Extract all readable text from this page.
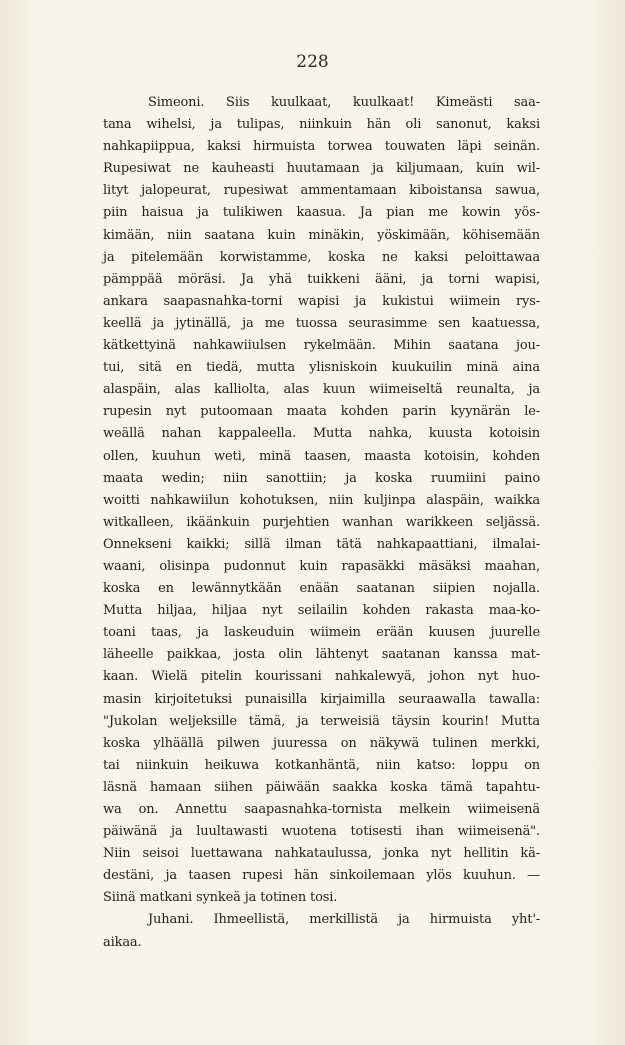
228
Simeoni. Siis kuulkaat, kuulkaat! Kimeästi saa-
tana wihelsi, ja tulipas, niinkuin hän oli sanonut, kaksi
nahkapiippua, kaksi hirmuista torwea touwaten läpi seinän.
Rupesiwat ne kauheasti huutamaan ja kiljumaan, kuin wil-
lityt jalopeurat, rupesiwat ammentamaan kiboistansa sawua,
piin haisua ja tulikiwen kaasua. Ja pian me kowin yös-
kimään, niin saatana kuin minäkin, yöskimään, köhisemään
ja pitelemään korwistamme, koska ne kaksi peloittawaa
pämppää möräsi. Ja yhä tuikkeni ääni, ja torni wapisi,
ankara saapasnahka-torni wapisi ja kukistui wiimein rys-
keellä ja jytinällä, ja me tuossa seurasimme sen kaatuessa,
kätkettyinä nahkawiiulsen rykelmään. Mihin saatana jou-
tui, sitä en tiedä, mutta ylisniskoin kuukuilin minä aina
alaspäin, alas kalliolta, alas kuun wiimeiseltä reunalta, ja
rupesin nyt putoomaan maata kohden parin kyynärän le-
weällä nahan kappaleella. Mutta nahka, kuusta kotoisin
ollen, kuuhun weti, minä taasen, maasta kotoisin, kohden
maata wedin; niin sanottiin; ja koska ruumiini paino
woitti nahkawiilun kohotuksen, niin kuljinpa alaspäin, waikka
witkalleen, ikäänkuin purjehtien wanhan warikkeen seljässä.
Onnekseni kaikki; sillä ilman tätä nahkapaattiani, ilmalai-
waani, olisinpa pudonnut kuin rapasäkki mäsäksi maahan,
koska en lewännytkään enään saatanan siipien nojalla.
Mutta hiljaa, hiljaa nyt seilailin kohden rakasta maa-ko-
toani taas, ja laskeuduin wiimein erään kuusen juurelle
läheelle paikkaa, josta olin lähtenyt saatanan kanssa mat-
kaan. Wielä pitelin kourissani nahkalewyä, johon nyt huo-
masin kirjoitetuksi punaisilla kirjaimilla seuraawalla tawalla:
"Jukolan weljeksille tämä, ja terweisiä täysin kourin! Mutta
koska ylhäällä pilwen juuressa on näkywä tulinen merkki,
tai niinkuin heikuwa kotkanhäntä, niin katso: loppu on
läsnä hamaan siihen päiwään saakka koska tämä tapahtu-
wa on. Annettu saapasnahka-tornista melkein wiimeisenä
päiwänä ja luultawasti wuotena totisesti ihan wiimeisenä".
Niin seisoi luettawana nahkataulussa, jonka nyt hellitin kä-
destäni, ja taasen rupesi hän sinkoilemaan ylös kuuhun. —
Siinä matkani synkeä ja totinen tosi.
Juhani. Ihmeellistä, merkillistä ja hirmuista yht'-
aikaa.
